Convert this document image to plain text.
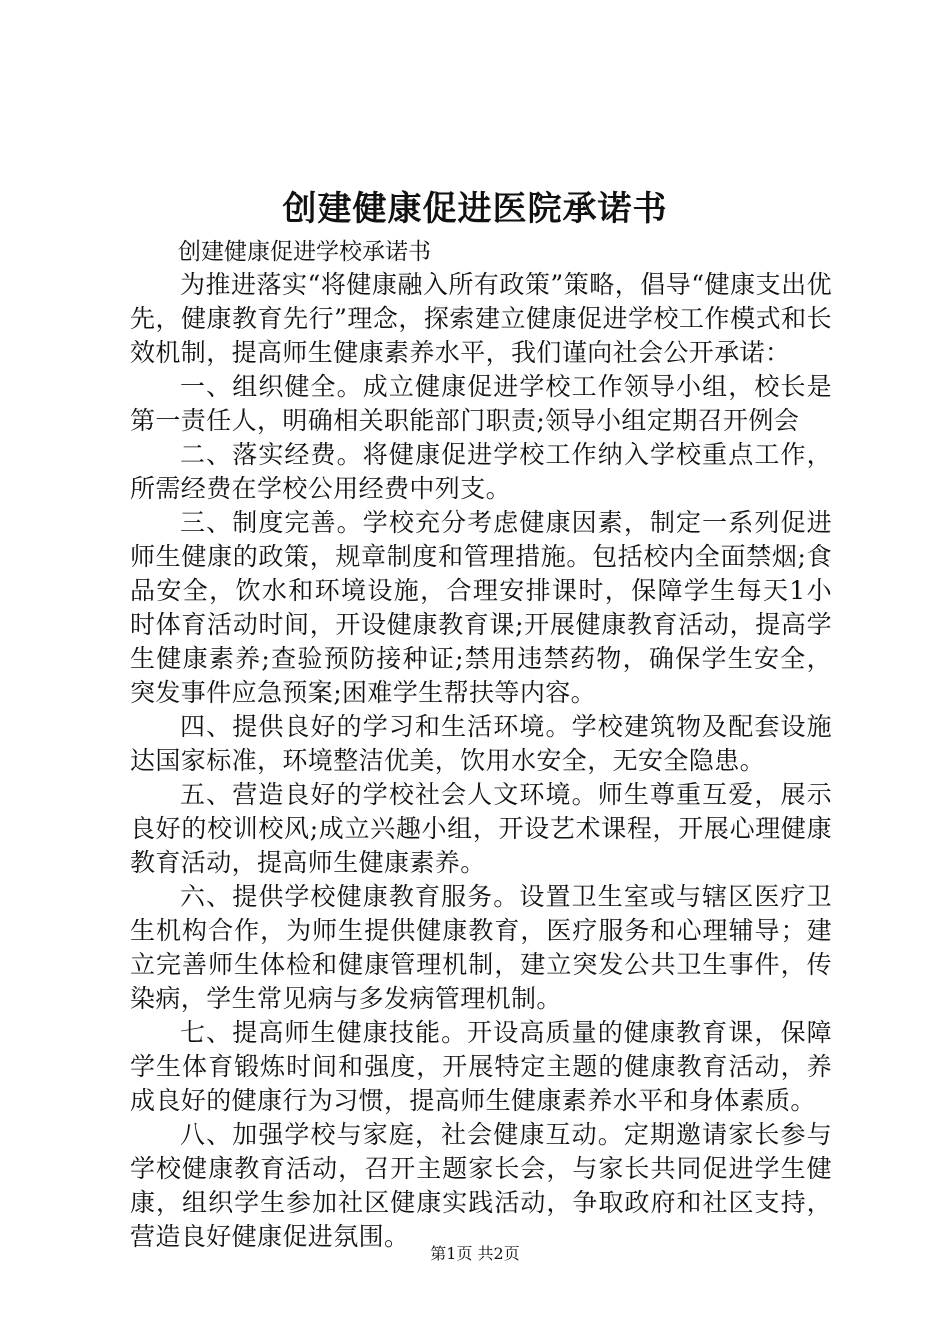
创建健康促进医院承诺书

创建健康促进学校承诺书

为推进落实“将健康融入所有政策”策略，倡导“健康支出优先，健康教育先行”理念，探索建立健康促进学校工作模式和长效机制，提高师生健康素养水平，我们谨向社会公开承诺：

一、组织健全。成立健康促进学校工作领导小组，校长是第一责任人，明确相关职能部门职责;领导小组定期召开例会

二、落实经费。将健康促进学校工作纳入学校重点工作，所需经费在学校公用经费中列支。

三、制度完善。学校充分考虑健康因素，制定一系列促进师生健康的政策，规章制度和管理措施。包括校内全面禁烟;食品安全，饮水和环境设施，合理安排课时，保障学生每天1小时体育活动时间，开设健康教育课;开展健康教育活动，提高学生健康素养;查验预防接种证;禁用违禁药物，确保学生安全，突发事件应急预案;困难学生帮扶等内容。

四、提供良好的学习和生活环境。学校建筑物及配套设施达国家标准，环境整洁优美，饮用水安全，无安全隐患。

五、营造良好的学校社会人文环境。师生尊重互爱，展示良好的校训校风;成立兴趣小组，开设艺术课程，开展心理健康教育活动，提高师生健康素养。

六、提供学校健康教育服务。设置卫生室或与辖区医疗卫生机构合作，为师生提供健康教育，医疗服务和心理辅导；建立完善师生体检和健康管理机制，建立突发公共卫生事件，传染病，学生常见病与多发病管理机制。

七、提高师生健康技能。开设高质量的健康教育课，保障学生体育锻炼时间和强度，开展特定主题的健康教育活动，养成良好的健康行为习惯，提高师生健康素养水平和身体素质。

八、加强学校与家庭，社会健康互动。定期邀请家长参与学校健康教育活动，召开主题家长会，与家长共同促进学生健康，组织学生参加社区健康实践活动，争取政府和社区支持，营造良好健康促进氛围。

第1页 共2页
